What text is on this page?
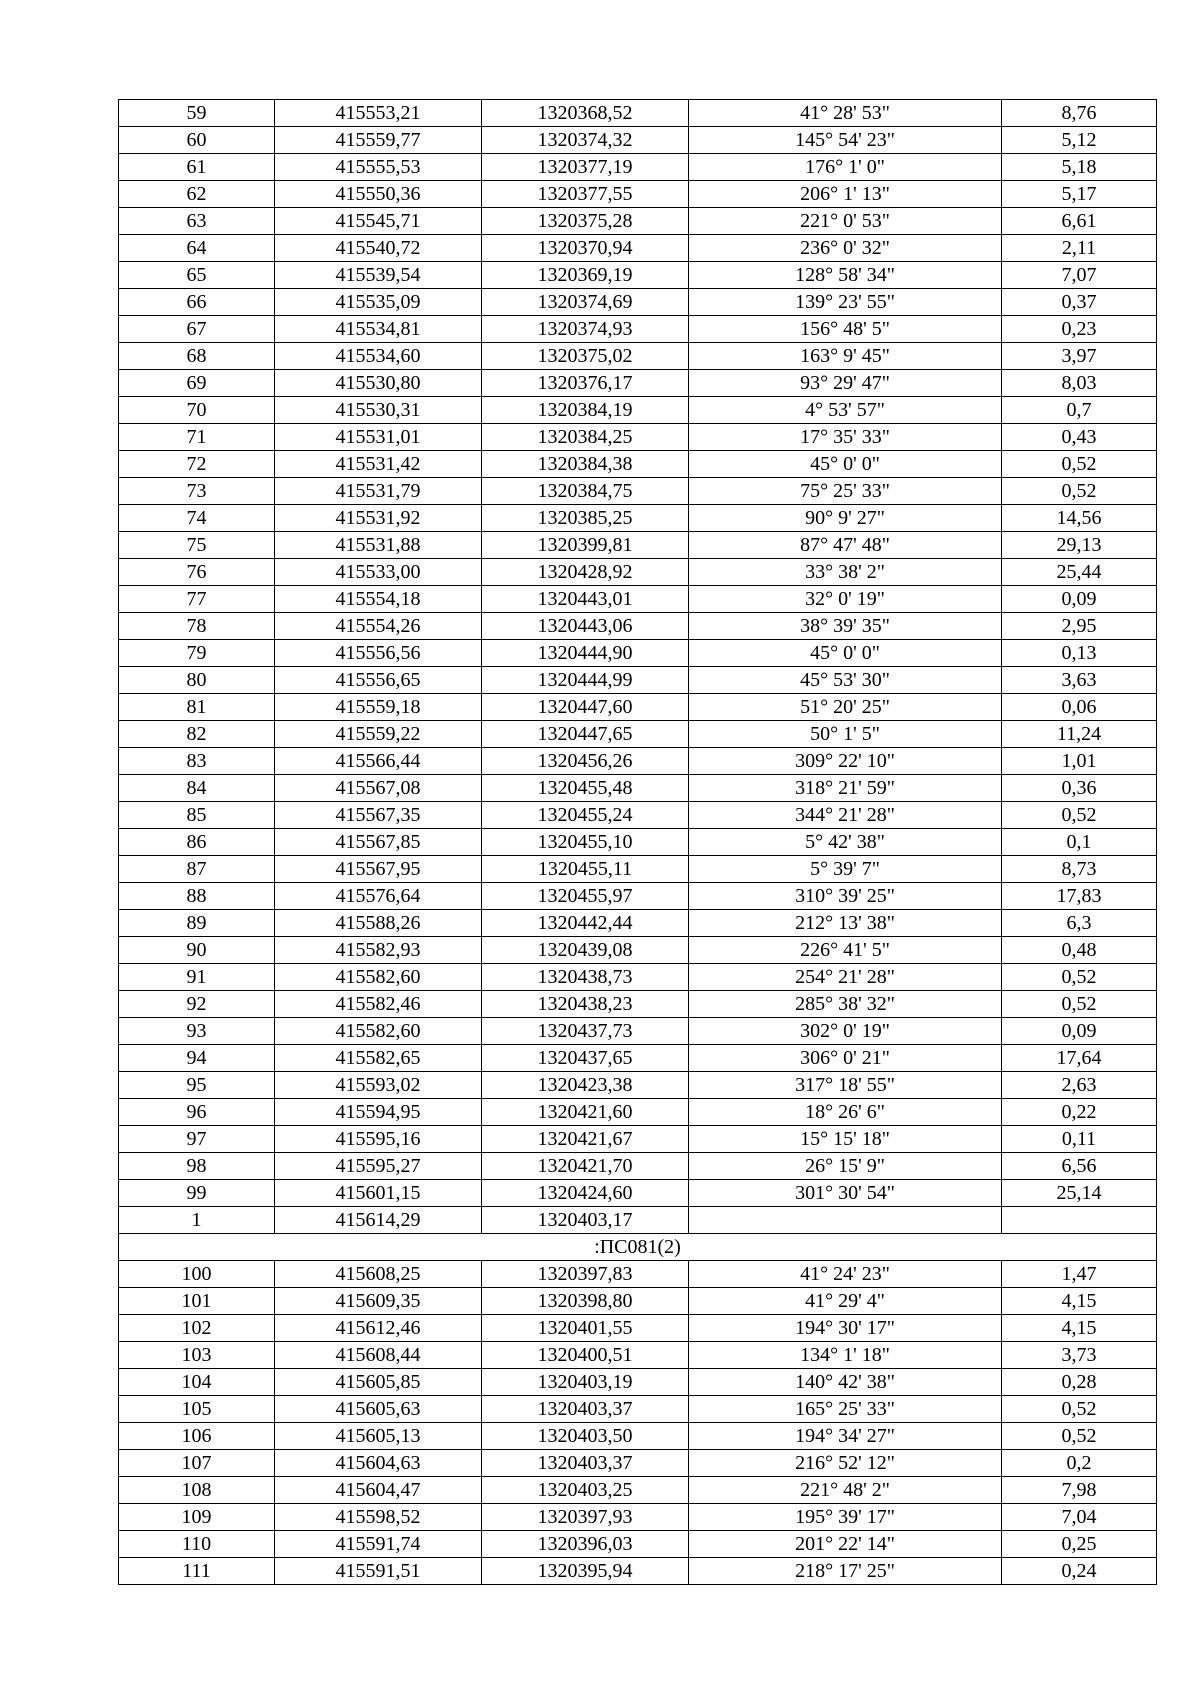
59	415553,21	1320368,52	41° 28' 53"	8,76
60	415559,77	1320374,32	145° 54' 23"	5,12
61	415555,53	1320377,19	176° 1' 0"	5,18
62	415550,36	1320377,55	206° 1' 13"	5,17
63	415545,71	1320375,28	221° 0' 53"	6,61
64	415540,72	1320370,94	236° 0' 32"	2,11
65	415539,54	1320369,19	128° 58' 34"	7,07
66	415535,09	1320374,69	139° 23' 55"	0,37
67	415534,81	1320374,93	156° 48' 5"	0,23
68	415534,60	1320375,02	163° 9' 45"	3,97
69	415530,80	1320376,17	93° 29' 47"	8,03
70	415530,31	1320384,19	4° 53' 57"	0,7
71	415531,01	1320384,25	17° 35' 33"	0,43
72	415531,42	1320384,38	45° 0' 0"	0,52
73	415531,79	1320384,75	75° 25' 33"	0,52
74	415531,92	1320385,25	90° 9' 27"	14,56
75	415531,88	1320399,81	87° 47' 48"	29,13
76	415533,00	1320428,92	33° 38' 2"	25,44
77	415554,18	1320443,01	32° 0' 19"	0,09
78	415554,26	1320443,06	38° 39' 35"	2,95
79	415556,56	1320444,90	45° 0' 0"	0,13
80	415556,65	1320444,99	45° 53' 30"	3,63
81	415559,18	1320447,60	51° 20' 25"	0,06
82	415559,22	1320447,65	50° 1' 5"	11,24
83	415566,44	1320456,26	309° 22' 10"	1,01
84	415567,08	1320455,48	318° 21' 59"	0,36
85	415567,35	1320455,24	344° 21' 28"	0,52
86	415567,85	1320455,10	5° 42' 38"	0,1
87	415567,95	1320455,11	5° 39' 7"	8,73
88	415576,64	1320455,97	310° 39' 25"	17,83
89	415588,26	1320442,44	212° 13' 38"	6,3
90	415582,93	1320439,08	226° 41' 5"	0,48
91	415582,60	1320438,73	254° 21' 28"	0,52
92	415582,46	1320438,23	285° 38' 32"	0,52
93	415582,60	1320437,73	302° 0' 19"	0,09
94	415582,65	1320437,65	306° 0' 21"	17,64
95	415593,02	1320423,38	317° 18' 55"	2,63
96	415594,95	1320421,60	18° 26' 6"	0,22
97	415595,16	1320421,67	15° 15' 18"	0,11
98	415595,27	1320421,70	26° 15' 9"	6,56
99	415601,15	1320424,60	301° 30' 54"	25,14
1	415614,29	1320403,17		
:ПС081(2)				
100	415608,25	1320397,83	41° 24' 23"	1,47
101	415609,35	1320398,80	41° 29' 4"	4,15
102	415612,46	1320401,55	194° 30' 17"	4,15
103	415608,44	1320400,51	134° 1' 18"	3,73
104	415605,85	1320403,19	140° 42' 38"	0,28
105	415605,63	1320403,37	165° 25' 33"	0,52
106	415605,13	1320403,50	194° 34' 27"	0,52
107	415604,63	1320403,37	216° 52' 12"	0,2
108	415604,47	1320403,25	221° 48' 2"	7,98
109	415598,52	1320397,93	195° 39' 17"	7,04
110	415591,74	1320396,03	201° 22' 14"	0,25
111	415591,51	1320395,94	218° 17' 25"	0,24
